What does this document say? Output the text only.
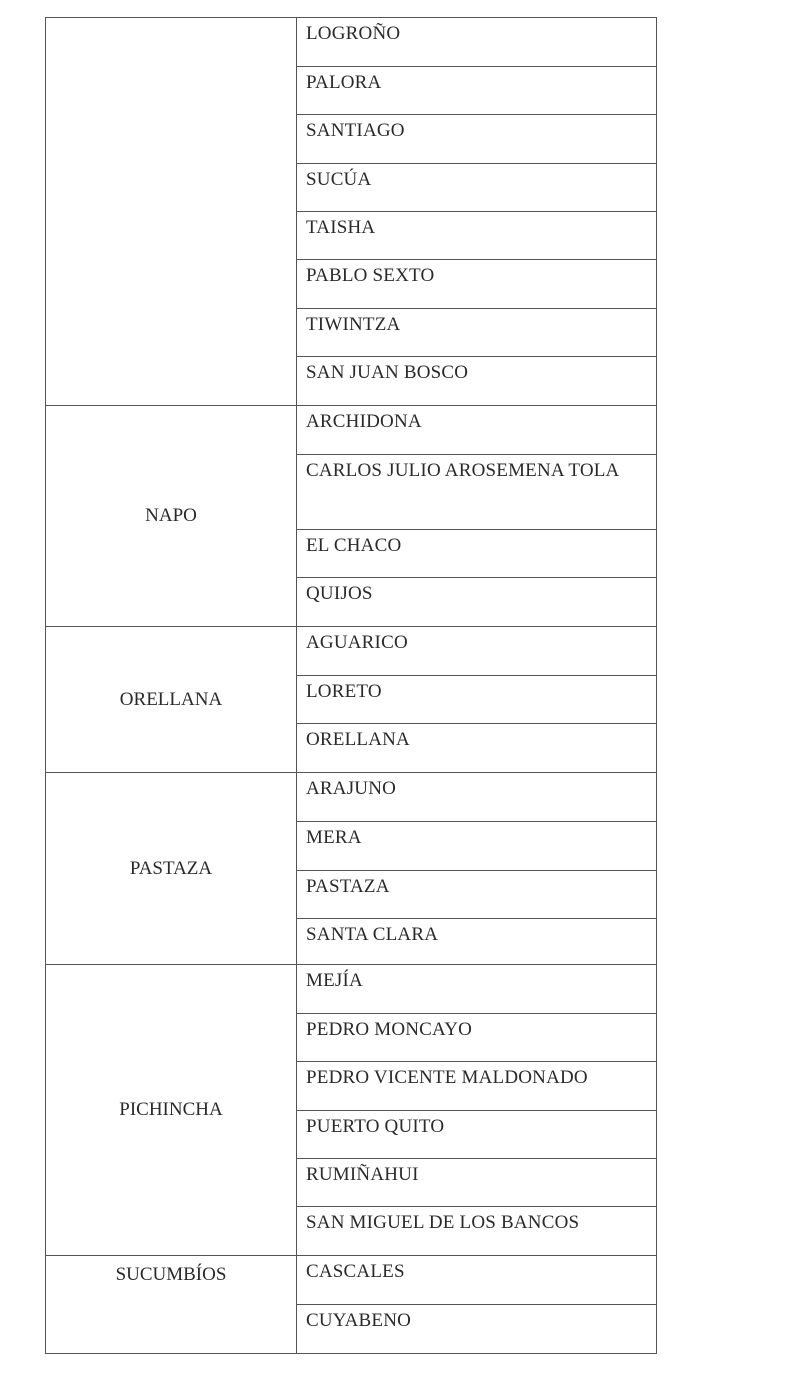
	LOGROÑO
	PALORA
	SANTIAGO
	SUCÚA
	TAISHA
	PABLO SEXTO
	TIWINTZA
	SAN JUAN BOSCO
NAPO	ARCHIDONA
	CARLOS JULIO AROSEMENA TOLA
	EL CHACO
	QUIJOS
ORELLANA	AGUARICO
	LORETO
	ORELLANA
PASTAZA	ARAJUNO
	MERA
	PASTAZA
	SANTA CLARA
PICHINCHA	MEJÍA
	PEDRO MONCAYO
	PEDRO VICENTE MALDONADO
	PUERTO QUITO
	RUMIÑAHUI
	SAN MIGUEL DE LOS BANCOS
SUCUMBÍOS	CASCALES
	CUYABENO
